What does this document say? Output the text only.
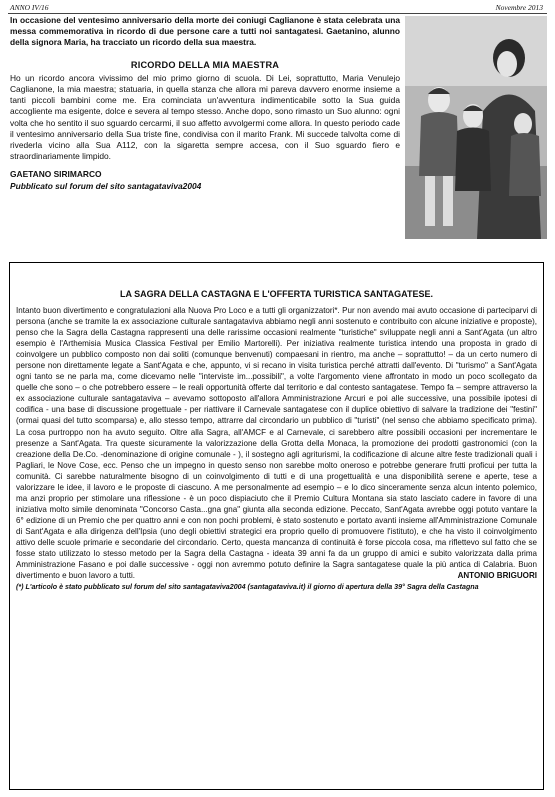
ANNO IV/16	Novembre 2013

In occasione del ventesimo anniversario della morte dei coniugi Caglianone è stata celebrata una messa commemorativa in ricordo di due persone care a tutti noi santagatesi. Gaetanino, alunno della signora Maria, ha tracciato un ricordo della sua maestra.

RICORDO DELLA MIA MAESTRA

Ho un ricordo ancora vivissimo del mio primo giorno di scuola. Di Lei, soprattutto, Maria Venulejo Caglianone, la mia maestra; statuaria, in quella stanza che allora mi pareva davvero enorme insieme a tanti piccoli bambini come me. Era cominciata un'avventura indimenticabile sotto la Sua guida accogliente ma esigente, dolce e severa al tempo stesso. Anche dopo, sono rimasto un Suo alunno: ogni volta che ho sentito il suo sguardo cercarmi, il suo affetto avvolgermi come allora. In questo periodo cade il ventesimo anniversario della Sua triste fine, condivisa con il marito Frank. Mi succede talvolta come di rivederla vicino alla Sua A112, con la sigaretta sempre accesa, con il Suo sguardo fiero e straordinariamente limpido.

GAETANO SIRIMARCO

Pubblicato sul forum del sito santagataviva2004

LA SAGRA DELLA CASTAGNA E L'OFFERTA TURISTICA SANTAGATESE.

Intanto buon divertimento e congratulazioni alla Nuova Pro Loco e a tutti gli organizzatori*. Pur non avendo mai avuto occasione di parteciparvi di persona (anche se tramite la ex associazione culturale santagataviva abbiamo negli anni sostenuto e contribuito con alcune iniziative e proposte), penso che la Sagra della Castagna rappresenti una delle rarissime occasioni realmente "turistiche" sviluppate negli anni a Sant'Agata (un altro esempio è l'Arthemisia Musica Classica Festival per Emilio Martorelli). Per iniziativa realmente turistica intendo una proposta in grado di coinvolgere un pubblico composto non dai soliti (comunque benvenuti) compaesani in rientro, ma anche – soprattutto! – da un certo numero di persone non direttamente legate a Sant'Agata e che, appunto, vi si recano in visita turistica perché attratti dall'evento. Di "turismo" a Sant'Agata ogni tanto se ne parla ma, come dicevamo nelle "interviste im...possibili", a volte l'argomento viene affrontato in modo un poco scollegato da quelle che sono – o che potrebbero essere – le reali opportunità offerte dal territorio e dal contesto santagatese. Tempo fa – sempre attraverso la ex associazione culturale santagataviva – avevamo sottoposto all'allora Amministrazione Arcuri e poi alle successive, una possibile ipotesi di codifica - una base di discussione progettuale - per riattivare il Carnevale santagatese con il duplice obiettivo di salvare la tradizione dei "festini" (ormai quasi del tutto scomparsa) e, allo stesso tempo, attrarre dal circondario un pubblico di "turisti" (nel senso che abbiamo specificato prima). La cosa purtroppo non ha avuto seguito. Oltre alla Sagra, all'AMCF e al Carnevale, ci sarebbero altre possibili occasioni per incrementare le presenze a Sant'Agata. Tra queste sicuramente la valorizzazione della Grotta della Monaca, la promozione dei prodotti gastronomici (con la creazione della De.Co. -denominazione di origine comunale - ), il sostegno agli agriturismi, la codificazione di alcune altre feste tradizionali quali i Pagliari, le Nove Cose, ecc. Penso che un impegno in questo senso non sarebbe molto oneroso e potrebbe generare frutti proficui per tutta la comunità. Ci sarebbe naturalmente bisogno di un coinvolgimento di tutti e di una progettualità e una disponibilità serene e aperte, tese a valorizzare le idee, il lavoro e le proposte di ciascuno. A me personalmente ad esempio – e lo dico sinceramente senza alcun intento polemico, ma anzi proprio per stimolare una riflessione - è un poco dispiaciuto che il Premio Cultura Montana sia stato lasciato cadere in favore di una iniziativa molto simile denominata "Concorso Casta...gna gna" giunta alla seconda edizione. Peccato, Sant'Agata avrebbe oggi potuto vantare la 6° edizione di un Premio che per quattro anni e con non pochi problemi, è stato sostenuto e portato avanti insieme all'Amministrazione Comunale di Sant'Agata e alla dirigenza dell'Ipsia (uno degli obiettivi strategici era proprio quello di promuovere l'istituto), e che ha visto il coinvolgimento attivo delle scuole primarie e secondarie del circondario. Certo, questa mancanza di continuità è forse piccola cosa, ma riflettevo sul fatto che se fosse stato utilizzato lo stesso metodo per la Sagra della Castagna - ideata 39 anni fa da un gruppo di amici e subito valorizzata dalla prima Amministrazione Fasano e poi dalle successive - oggi non avremmo potuto definire la Sagra santagatese quale la più antica di Calabria. Buon divertimento e buon lavoro a tutti.	ANTONIO BRIGUORI

(*) L'articolo è stato pubblicato sul forum del sito santagataviva2004 (santagataviva.it) il giorno di apertura della 39° Sagra della Castagna
